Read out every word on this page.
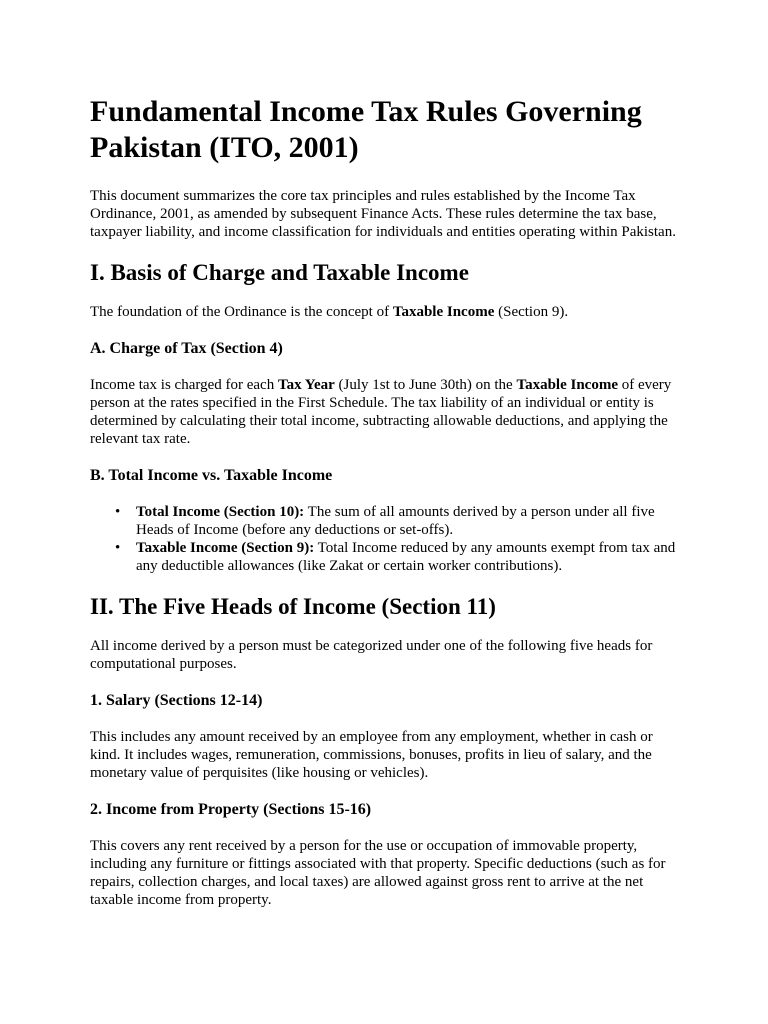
Fundamental Income Tax Rules Governing Pakistan (ITO, 2001)

This document summarizes the core tax principles and rules established by the Income Tax Ordinance, 2001, as amended by subsequent Finance Acts. These rules determine the tax base, taxpayer liability, and income classification for individuals and entities operating within Pakistan.

I. Basis of Charge and Taxable Income

The foundation of the Ordinance is the concept of Taxable Income (Section 9).

A. Charge of Tax (Section 4)

Income tax is charged for each Tax Year (July 1st to June 30th) on the Taxable Income of every person at the rates specified in the First Schedule. The tax liability of an individual or entity is determined by calculating their total income, subtracting allowable deductions, and applying the relevant tax rate.

B. Total Income vs. Taxable Income
• Total Income (Section 10): The sum of all amounts derived by a person under all five Heads of Income (before any deductions or set-offs).
• Taxable Income (Section 9): Total Income reduced by any amounts exempt from tax and any deductible allowances (like Zakat or certain worker contributions).
II. The Five Heads of Income (Section 11)

All income derived by a person must be categorized under one of the following five heads for computational purposes.

1. Salary (Sections 12-14)

This includes any amount received by an employee from any employment, whether in cash or kind. It includes wages, remuneration, commissions, bonuses, profits in lieu of salary, and the monetary value of perquisites (like housing or vehicles).

2. Income from Property (Sections 15-16)

This covers any rent received by a person for the use or occupation of immovable property, including any furniture or fittings associated with that property. Specific deductions (such as for repairs, collection charges, and local taxes) are allowed against gross rent to arrive at the net taxable income from property.
